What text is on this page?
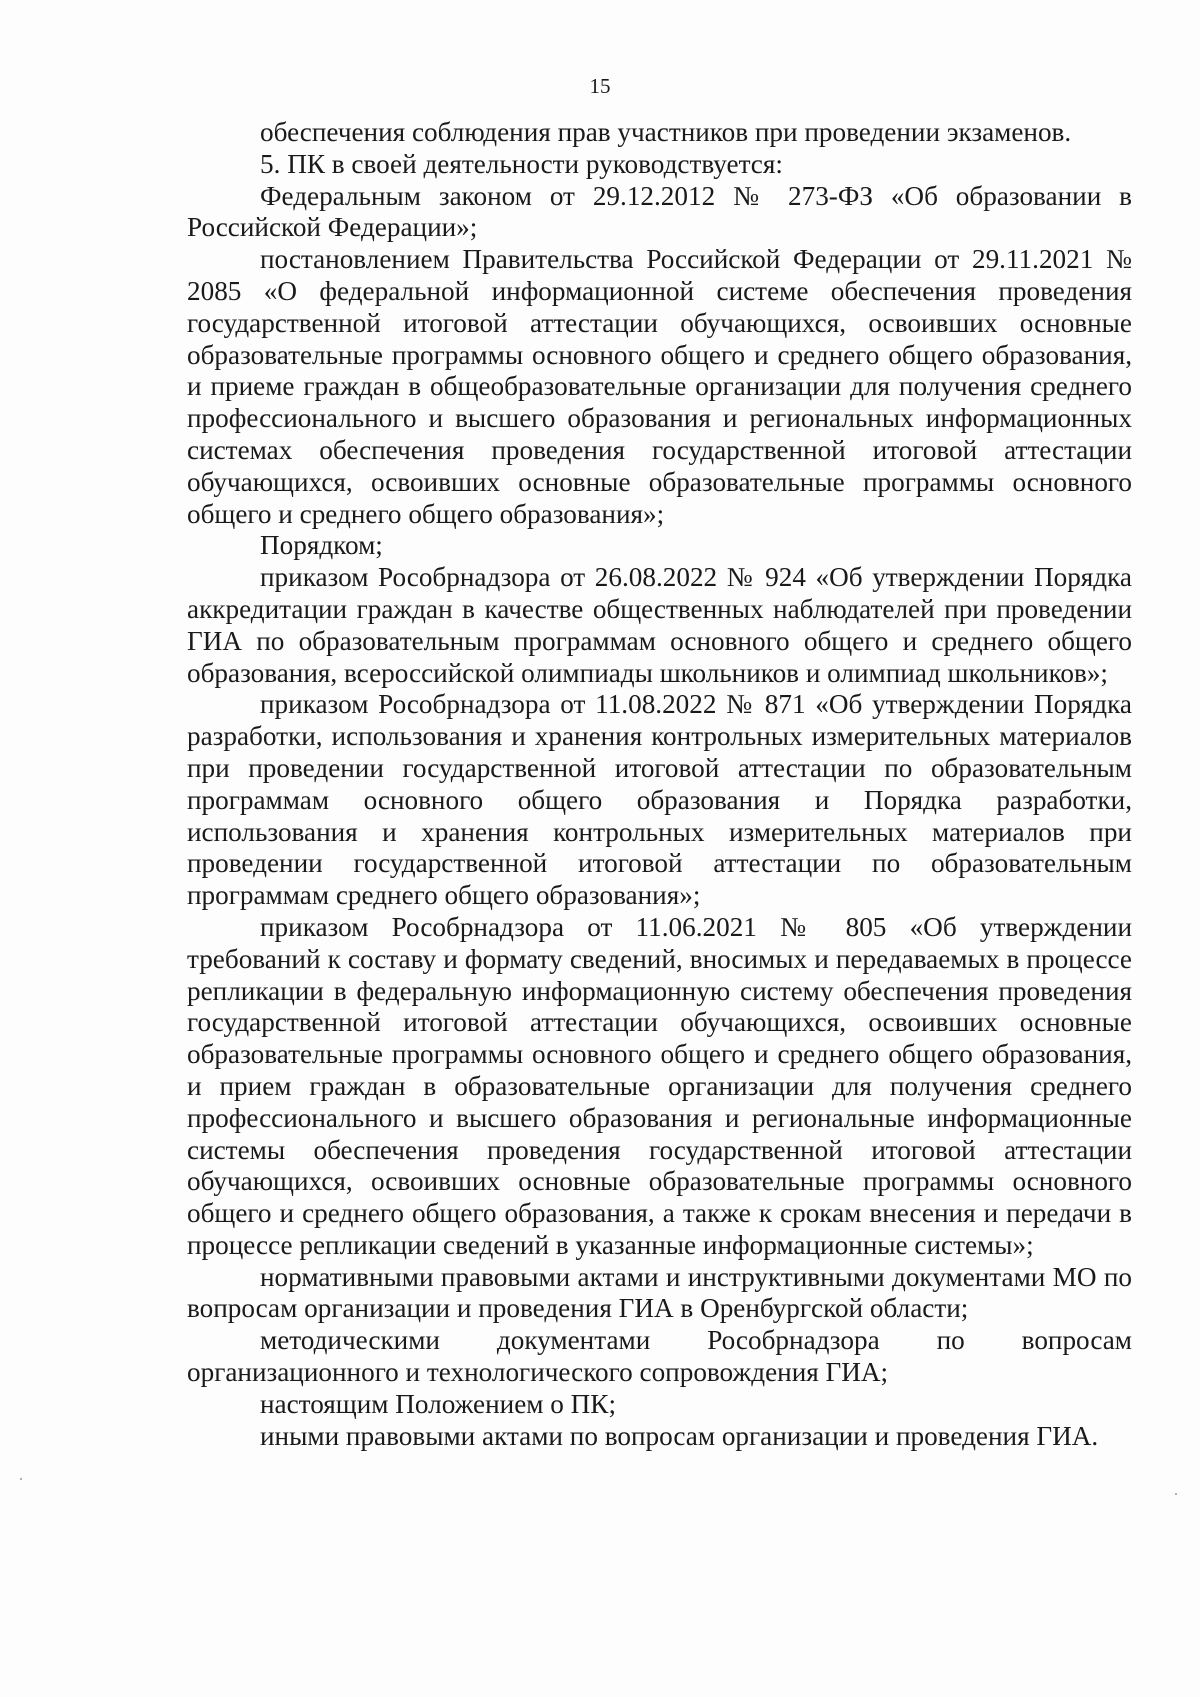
15

обеспечения соблюдения прав участников при проведении экзаменов.

5. ПК в своей деятельности руководствуется:

Федеральным законом от 29.12.2012 № 273-ФЗ «Об образовании в Российской Федерации»;

постановлением Правительства Российской Федерации от 29.11.2021 № 2085 «О федеральной информационной системе обеспечения проведения государственной итоговой аттестации обучающихся, освоивших основные образовательные программы основного общего и среднего общего образования, и приеме граждан в общеобразовательные организации для получения среднего профессионального и высшего образования и региональных информационных системах обеспечения проведения государственной итоговой аттестации обучающихся, освоивших основные образовательные программы основного общего и среднего общего образования»;

Порядком;

приказом Рособрнадзора от 26.08.2022 № 924 «Об утверждении Порядка аккредитации граждан в качестве общественных наблюдателей при проведении ГИА по образовательным программам основного общего и среднего общего образования, всероссийской олимпиады школьников и олимпиад школьников»;

приказом Рособрнадзора от 11.08.2022 № 871 «Об утверждении Порядка разработки, использования и хранения контрольных измерительных материалов при проведении государственной итоговой аттестации по образовательным программам основного общего образования и Порядка разработки, использования и хранения контрольных измерительных материалов при проведении государственной итоговой аттестации по образовательным программам среднего общего образования»;

приказом Рособрнадзора от 11.06.2021 № 805 «Об утверждении требований к составу и формату сведений, вносимых и передаваемых в процессе репликации в федеральную информационную систему обеспечения проведения государственной итоговой аттестации обучающихся, освоивших основные образовательные программы основного общего и среднего общего образования, и прием граждан в образовательные организации для получения среднего профессионального и высшего образования и региональные информационные системы обеспечения проведения государственной итоговой аттестации обучающихся, освоивших основные образовательные программы основного общего и среднего общего образования, а также к срокам внесения и передачи в процессе репликации сведений в указанные информационные системы»;

нормативными правовыми актами и инструктивными документами МО по вопросам организации и проведения ГИА в Оренбургской области;

методическими документами Рособрнадзора по вопросам организационного и технологического сопровождения ГИА;

настоящим Положением о ПК;

иными правовыми актами по вопросам организации и проведения ГИА.
